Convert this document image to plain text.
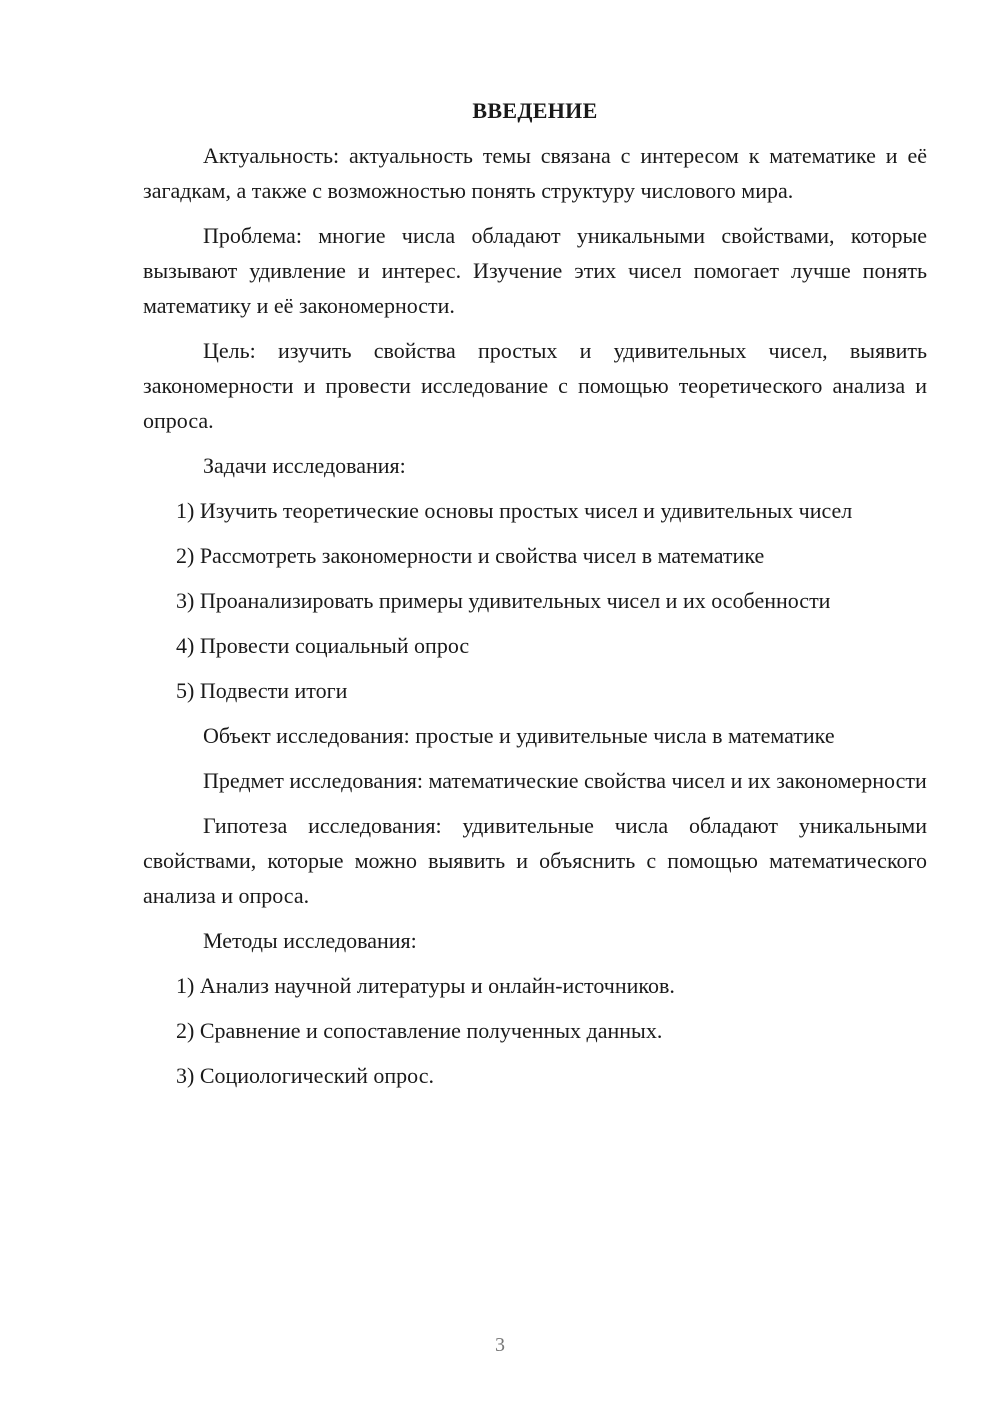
ВВЕДЕНИЕ

Актуальность: актуальность темы связана с интересом к математике и её загадкам, а также с возможностью понять структуру числового мира.

Проблема: многие числа обладают уникальными свойствами, которые вызывают удивление и интерес. Изучение этих чисел помогает лучше понять математику и её закономерности.

Цель: изучить свойства простых и удивительных чисел, выявить закономерности и провести исследование с помощью теоретического анализа и опроса.

Задачи исследования:

1) Изучить теоретические основы простых чисел и удивительных чисел
2) Рассмотреть закономерности и свойства чисел в математике
3) Проанализировать примеры удивительных чисел и их особенности
4) Провести социальный опрос
5) Подвести итоги

Объект исследования: простые и удивительные числа в математике

Предмет исследования: математические свойства чисел и их закономерности

Гипотеза исследования: удивительные числа обладают уникальными свойствами, которые можно выявить и объяснить с помощью математического анализа и опроса.

Методы исследования:

1) Анализ научной литературы и онлайн-источников.
2) Сравнение и сопоставление полученных данных.
3) Социологический опрос.
3
